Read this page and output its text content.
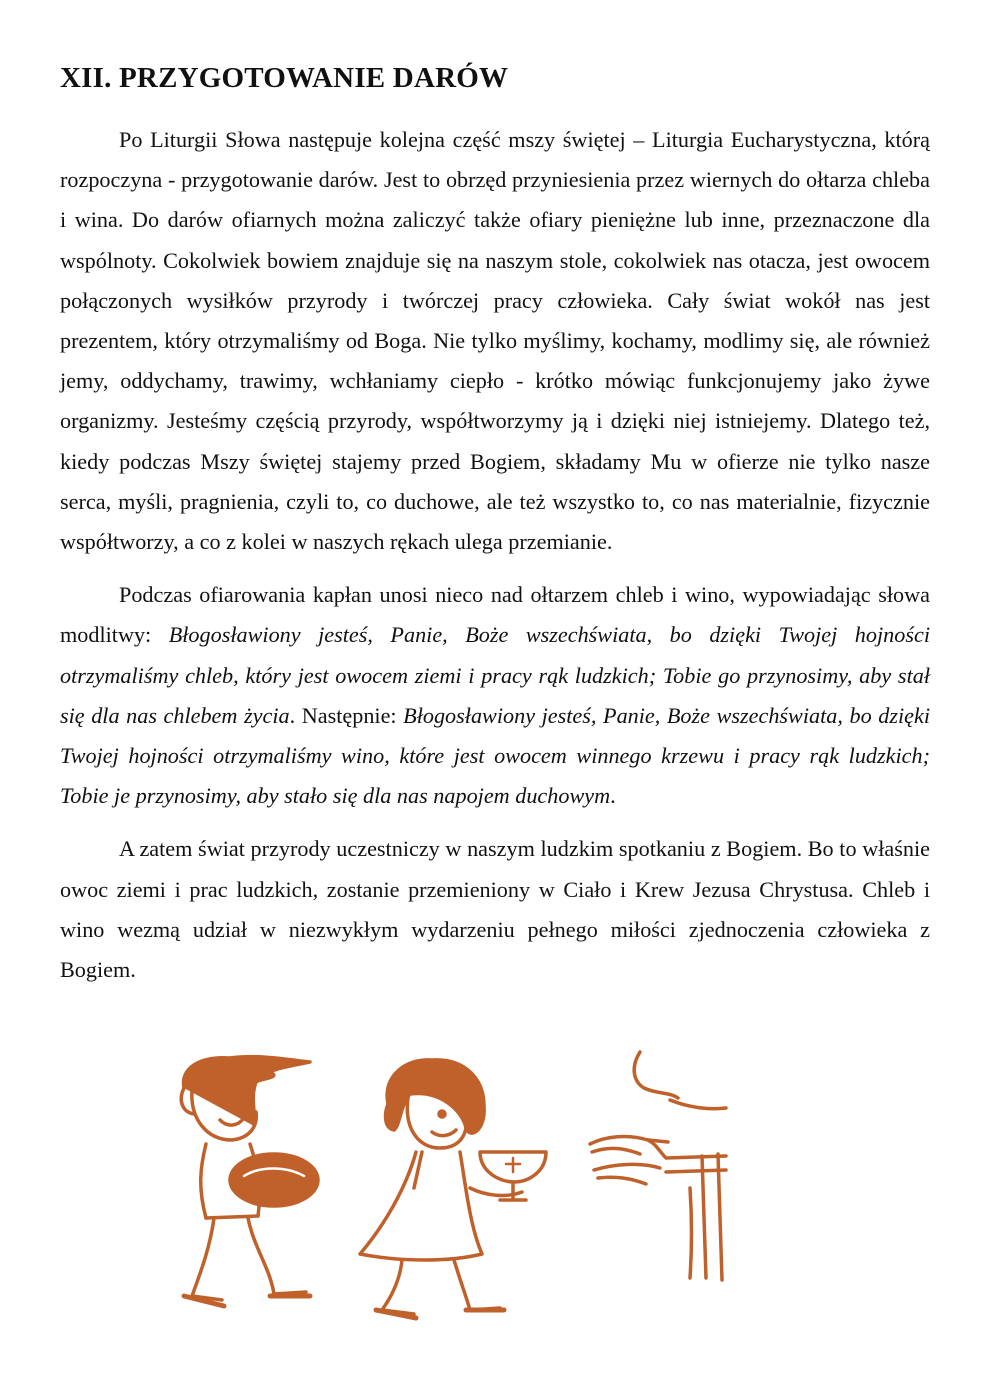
XII. PRZYGOTOWANIE DARÓW

Po Liturgii Słowa następuje kolejna część mszy świętej – Liturgia Eucharystyczna, którą rozpoczyna - przygotowanie darów. Jest to obrzęd przyniesienia przez wiernych do ołtarza chleba i wina. Do darów ofiarnych można zaliczyć także ofiary pieniężne lub inne, przeznaczone dla wspólnoty. Cokolwiek bowiem znajduje się na naszym stole, cokolwiek nas otacza, jest owocem połączonych wysiłków przyrody i twórczej pracy człowieka. Cały świat wokół nas jest prezentem, który otrzymaliśmy od Boga. Nie tylko myślimy, kochamy, modlimy się, ale również jemy, oddychamy, trawimy, wchłaniamy ciepło - krótko mówiąc funkcjonujemy jako żywe organizmy. Jesteśmy częścią przyrody, współtworzymy ją i dzięki niej istniejemy. Dlatego też, kiedy podczas Mszy świętej stajemy przed Bogiem, składamy Mu w ofierze nie tylko nasze serca, myśli, pragnienia, czyli to, co duchowe, ale też wszystko to, co nas materialnie, fizycznie współtworzy, a co z kolei w naszych rękach ulega przemianie.

Podczas ofiarowania kapłan unosi nieco nad ołtarzem chleb i wino, wypowiadając słowa modlitwy: Błogosławiony jesteś, Panie, Boże wszechświata, bo dzięki Twojej hojności otrzymaliśmy chleb, który jest owocem ziemi i pracy rąk ludzkich; Tobie go przynosimy, aby stał się dla nas chlebem życia. Następnie: Błogosławiony jesteś, Panie, Boże wszechświata, bo dzięki Twojej hojności otrzymaliśmy wino, które jest owocem winnego krzewu i pracy rąk ludzkich; Tobie je przynosimy, aby stało się dla nas napojem duchowym.

A zatem świat przyrody uczestniczy w naszym ludzkim spotkaniu z Bogiem. Bo to właśnie owoc ziemi i prac ludzkich, zostanie przemieniony w Ciało i Krew Jezusa Chrystusa. Chleb i wino wezmą udział w niezwykłym wydarzeniu pełnego miłości zjednoczenia człowieka z Bogiem.
